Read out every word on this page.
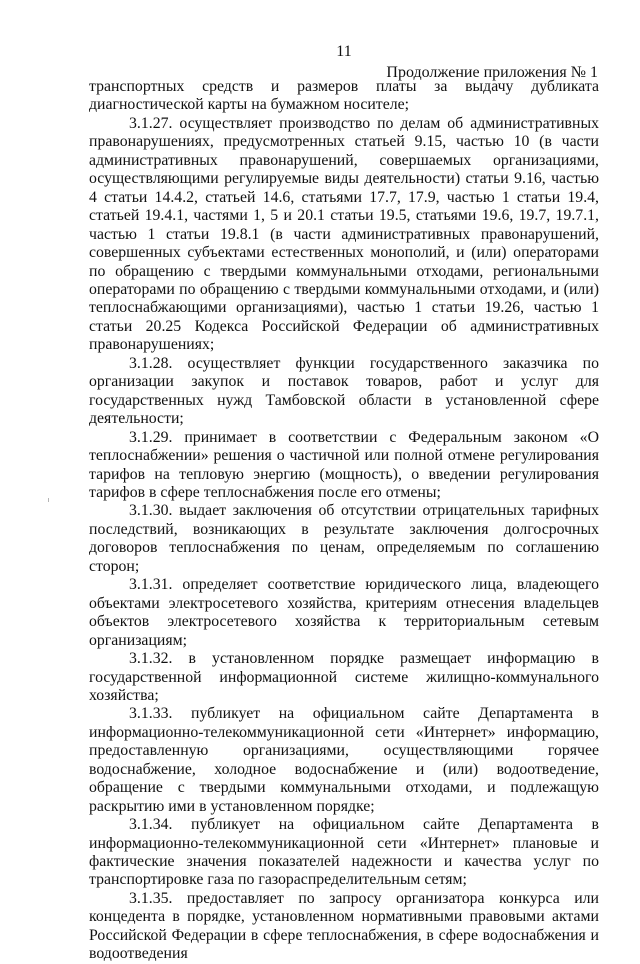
11
Продолжение приложения № 1

транспортных средств и размеров платы за выдачу дубликата диагностической карты на бумажном носителе;

3.1.27. осуществляет производство по делам об административных правонарушениях, предусмотренных статьей 9.15, частью 10 (в части административных правонарушений, совершаемых организациями, осуществляющими регулируемые виды деятельности) статьи 9.16, частью 4 статьи 14.4.2, статьей 14.6, статьями 17.7, 17.9, частью 1 статьи 19.4, статьей 19.4.1, частями 1, 5 и 20.1 статьи 19.5, статьями 19.6, 19.7, 19.7.1, частью 1 статьи 19.8.1 (в части административных правонарушений, совершенных субъектами естественных монополий, и (или) операторами по обращению с твердыми коммунальными отходами, региональными операторами по обращению с твердыми коммунальными отходами, и (или) теплоснабжающими организациями), частью 1 статьи 19.26, частью 1 статьи 20.25 Кодекса Российской Федерации об административных правонарушениях;

3.1.28. осуществляет функции государственного заказчика по организации закупок и поставок товаров, работ и услуг для государственных нужд Тамбовской области в установленной сфере деятельности;

3.1.29. принимает в соответствии с Федеральным законом «О теплоснабжении» решения о частичной или полной отмене регулирования тарифов на тепловую энергию (мощность), о введении регулирования тарифов в сфере теплоснабжения после его отмены;

3.1.30. выдает заключения об отсутствии отрицательных тарифных последствий, возникающих в результате заключения долгосрочных договоров теплоснабжения по ценам, определяемым по соглашению сторон;

3.1.31. определяет соответствие юридического лица, владеющего объектами электросетевого хозяйства, критериям отнесения владельцев объектов электросетевого хозяйства к территориальным сетевым организациям;

3.1.32. в установленном порядке размещает информацию в государственной информационной системе жилищно-коммунального хозяйства;

3.1.33. публикует на официальном сайте Департамента в информационно-телекоммуникационной сети «Интернет» информацию, предоставленную организациями, осуществляющими горячее водоснабжение, холодное водоснабжение и (или) водоотведение, обращение с твердыми коммунальными отходами, и подлежащую раскрытию ими в установленном порядке;

3.1.34. публикует на официальном сайте Департамента в информационно-телекоммуникационной сети «Интернет» плановые и фактические значения показателей надежности и качества услуг по транспортировке газа по газораспределительным сетям;

3.1.35. предоставляет по запросу организатора конкурса или концедента в порядке, установленном нормативными правовыми актами Российской Федерации в сфере теплоснабжения, в сфере водоснабжения и водоотведения
